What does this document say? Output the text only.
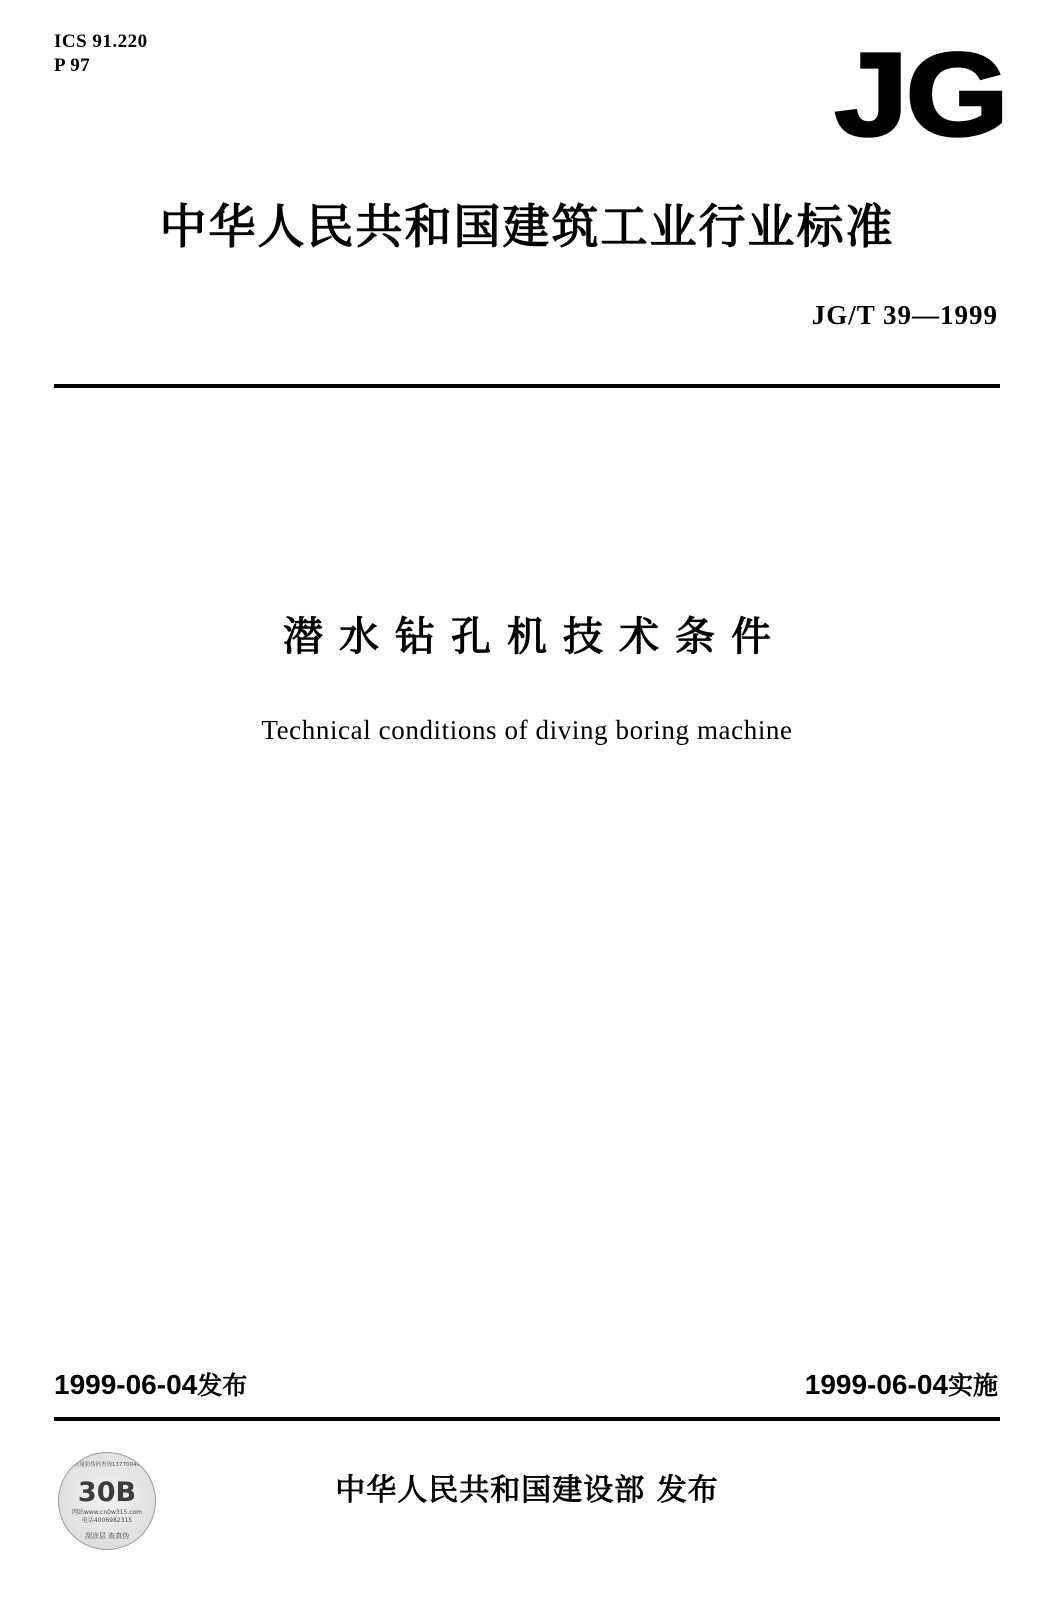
ICS 91.220
P 97	JG
中华人民共和国建筑工业行业标准
JG/T 39—1999
潜水钻孔机技术条件
Technical conditions of diving boring machine
1999-06-04发布	1999-06-04实施
中华人民共和国建设部 发布
中国质量防伪码查询13770040315
30B
网站www.cn0w315.com
电话4006982315
刮涂层 查真伪
